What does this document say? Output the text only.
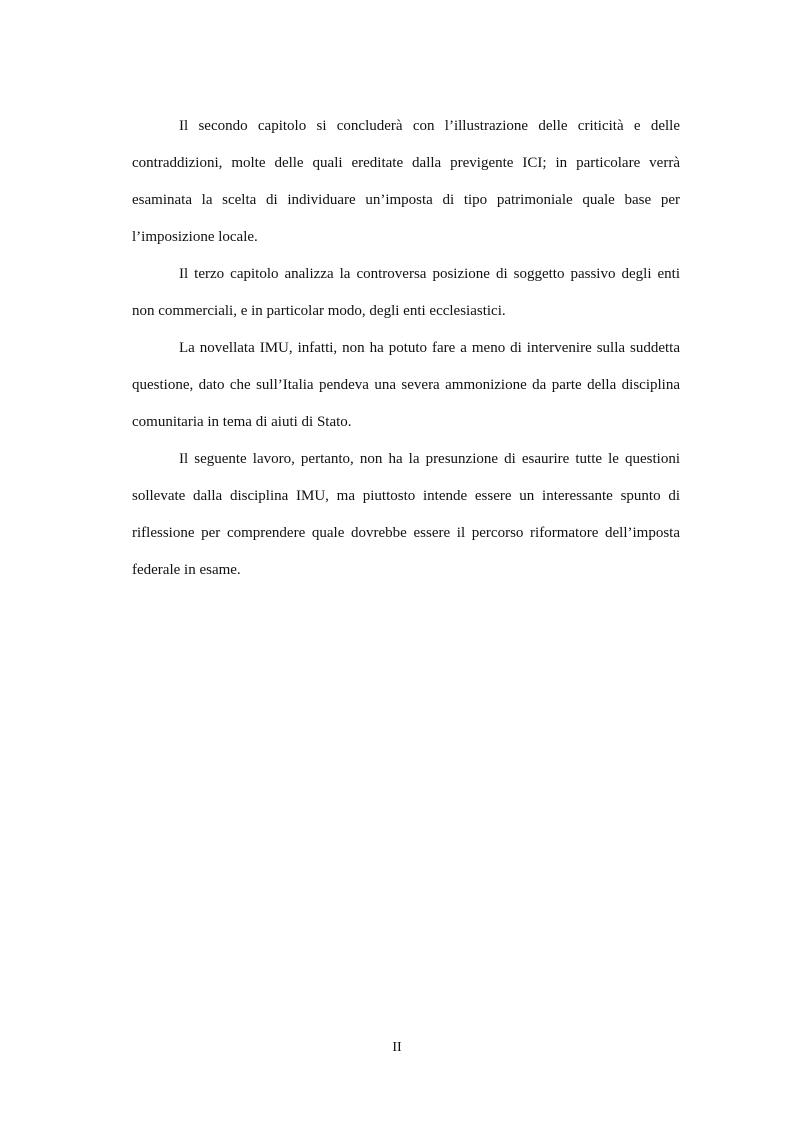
Il secondo capitolo si concluderà con l’illustrazione delle criticità e delle contraddizioni, molte delle quali ereditate dalla previgente ICI; in particolare verrà esaminata la scelta di individuare un’imposta di tipo patrimoniale quale base per l’imposizione locale.

Il terzo capitolo analizza la controversa posizione di soggetto passivo degli enti non commerciali, e in particolar modo, degli enti ecclesiastici.

La novellata IMU, infatti, non ha potuto fare a meno di intervenire sulla suddetta questione, dato che sull’Italia pendeva una severa ammonizione da parte della disciplina comunitaria in tema di aiuti di Stato.

Il seguente lavoro, pertanto, non ha la presunzione di esaurire tutte le questioni sollevate dalla disciplina IMU, ma piuttosto intende essere un interessante spunto di riflessione per comprendere quale dovrebbe essere il percorso riformatore dell’imposta federale in esame.

II
